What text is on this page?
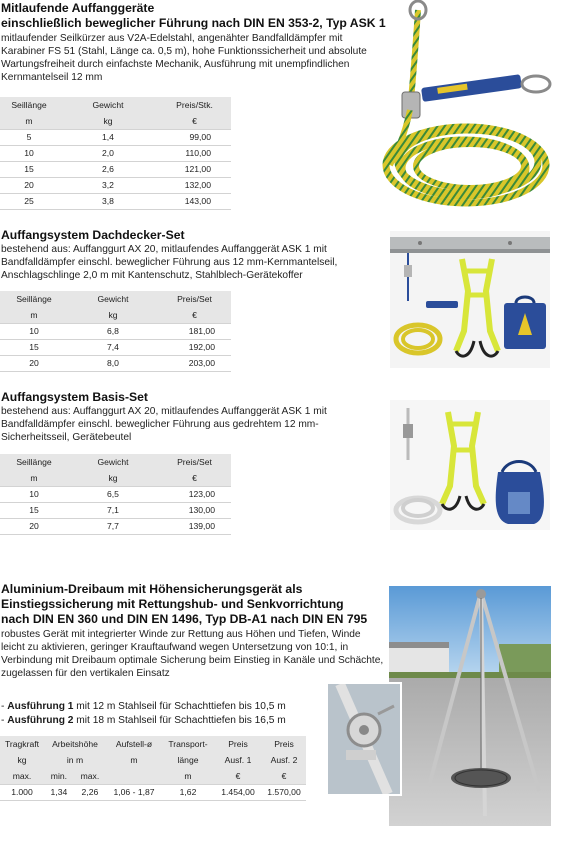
Mitlaufende Auffanggeräte
einschließlich beweglicher Führung nach DIN EN 353-2, Typ ASK 1
mitlaufender Seilkürzer aus V2A-Edelstahl, angenähter Bandfalldämpfer mit Karabiner FS 51 (Stahl, Länge ca. 0,5 m), hohe Funktionssicherheit und absolute Wartungsfreiheit durch einfachste Mechanik, Ausführung mit unempfindlichen Kernmantelseil 12 mm
Seillänge	Gewicht	Preis/Stk.
m	kg	€
5	1,4	99,00
10	2,0	110,00
15	2,6	121,00
20	3,2	132,00
25	3,8	143,00
Auffangsystem Dachdecker-Set
bestehend aus: Auffanggurt AX 20, mitlaufendes Auffanggerät ASK 1 mit Bandfalldämpfer einschl. beweglicher Führung aus 12 mm-Kernmantelseil, Anschlagschlinge 2,0 m mit Kantenschutz, Stahlblech-Gerätekoffer
Seillänge	Gewicht	Preis/Set
m	kg	€
10	6,8	181,00
15	7,4	192,00
20	8,0	203,00
Auffangsystem Basis-Set
bestehend aus: Auffanggurt AX 20, mitlaufendes Auffanggerät ASK 1 mit Bandfalldämpfer einschl. beweglicher Führung aus gedrehtem 12 mm-Sicherheitsseil, Gerätebeutel
Seillänge	Gewicht	Preis/Set
m	kg	€
10	6,5	123,00
15	7,1	130,00
20	7,7	139,00
Aluminium-Dreibaum mit Höhensicherungsgerät als
Einstiegssicherung mit Rettungshub- und Senkvorrichtung
nach DIN EN 360 und DIN EN 1496, Typ DB-A1 nach DIN EN 795
robustes Gerät mit integrierter Winde zur Rettung aus Höhen und Tiefen, Winde leicht zu aktivieren, geringer Krauftaufwand wegen Untersetzung von 10:1, in Verbindung mit Dreibaum optimale Sicherung beim Einstieg in Kanäle und Schächte, zugelassen für den vertikalen Einsatz
- Ausführung 1 mit 12 m Stahlseil für Schachttiefen bis 10,5 m
- Ausführung 2 mit 18 m Stahlseil für Schachttiefen bis 16,5 m
Tragkraft	Arbeitshöhe		Aufstell-ø	Transport-	Preis	Preis
kg	in m		m	länge	Ausf. 1	Ausf. 2
max.	min.	max.		m	€	€
1.000	1,34	2,26	1,06 - 1,87	1,62	1.454,00	1.570,00
